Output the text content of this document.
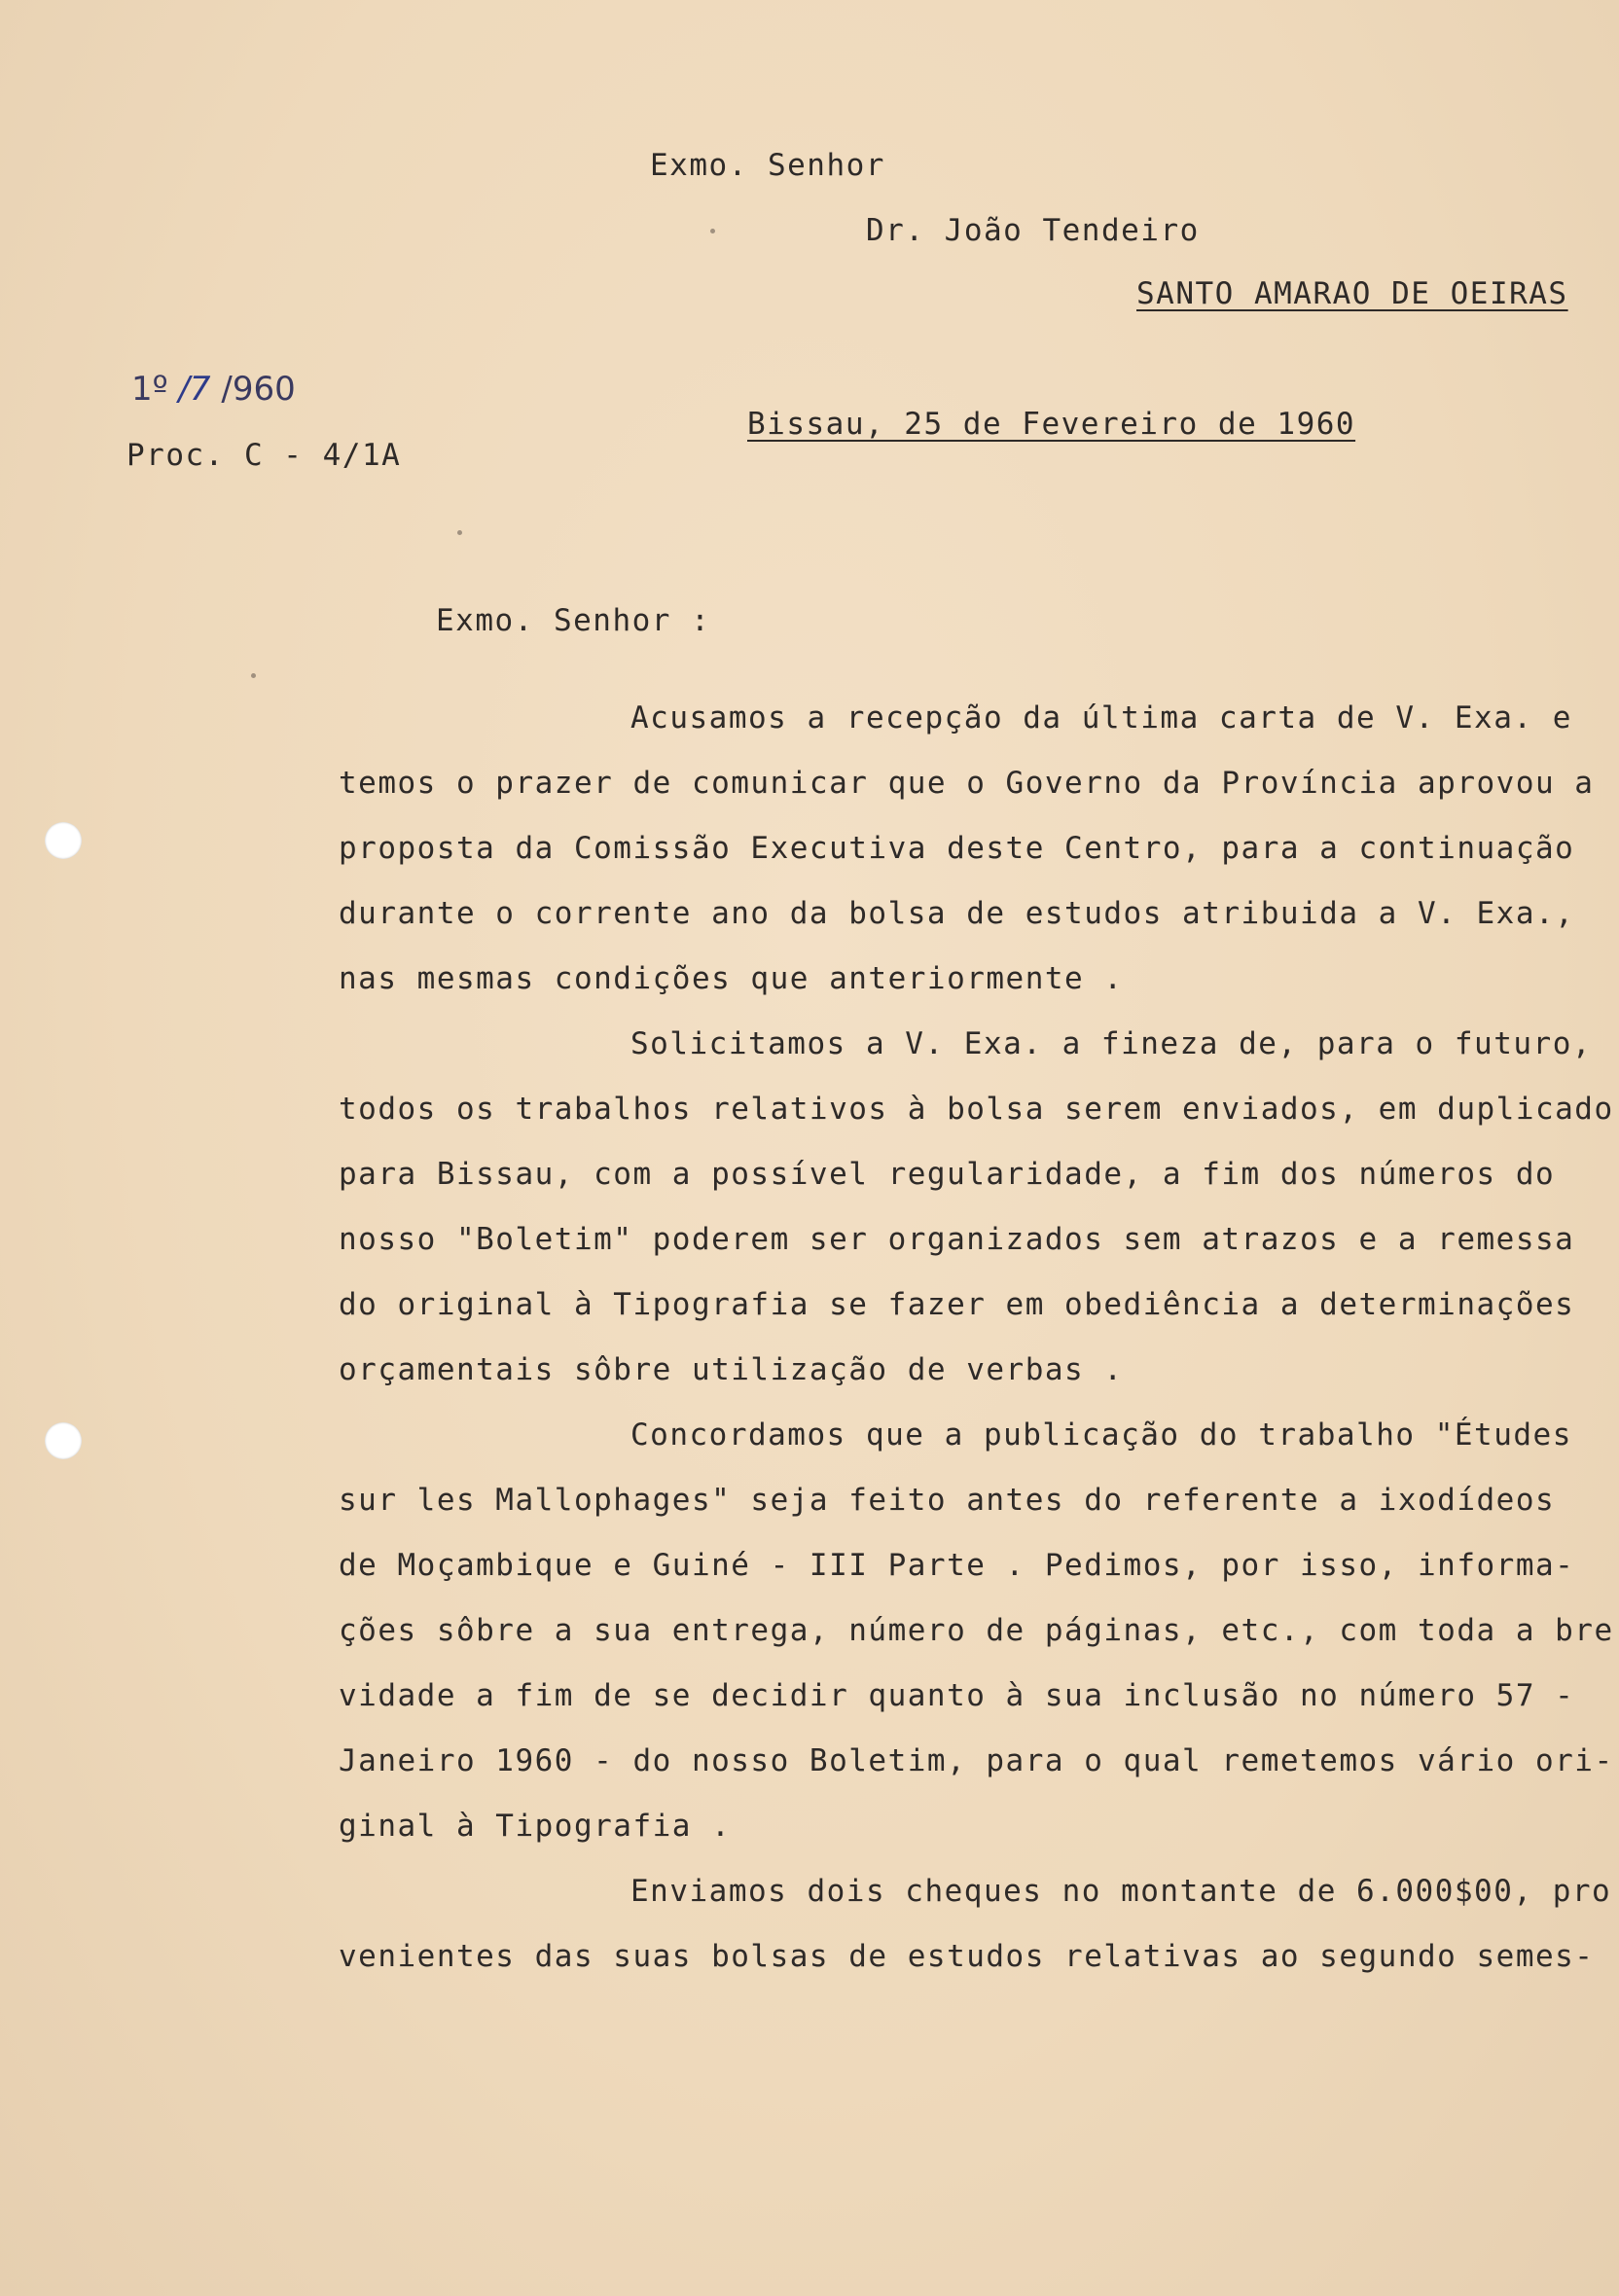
Exmo. Senhor
Dr. João Tendeiro
SANTO AMARAO DE OEIRAS
1º /7 /960
Proc. C - 4/1A
Bissau, 25 de Fevereiro de 1960
Exmo. Senhor :
Acusamos a recepção da última carta de V. Exa. e
temos o prazer de comunicar que o Governo da Província aprovou a
proposta da Comissão Executiva deste Centro, para a continuação
durante o corrente ano da bolsa de estudos atribuida a V. Exa.,
nas mesmas condições que anteriormente .
Solicitamos a V. Exa. a fineza de, para o futuro,
todos os trabalhos relativos à bolsa serem enviados, em duplicado
para Bissau, com a possível regularidade, a fim dos números do
nosso "Boletim" poderem ser organizados sem atrazos e a remessa
do original à Tipografia se fazer em obediência a determinações
orçamentais sôbre utilização de verbas .
Concordamos que a publicação do trabalho "Études
sur les Mallophages" seja feito antes do referente a ixodídeos
de Moçambique e Guiné - III Parte . Pedimos, por isso, informa-
ções sôbre a sua entrega, número de páginas, etc., com toda a bre
vidade a fim de se decidir quanto à sua inclusão no número 57 -
Janeiro 1960 - do nosso Boletim, para o qual remetemos vário ori-
ginal à Tipografia .
Enviamos dois cheques no montante de 6.000$00, pro
venientes das suas bolsas de estudos relativas ao segundo semes-
